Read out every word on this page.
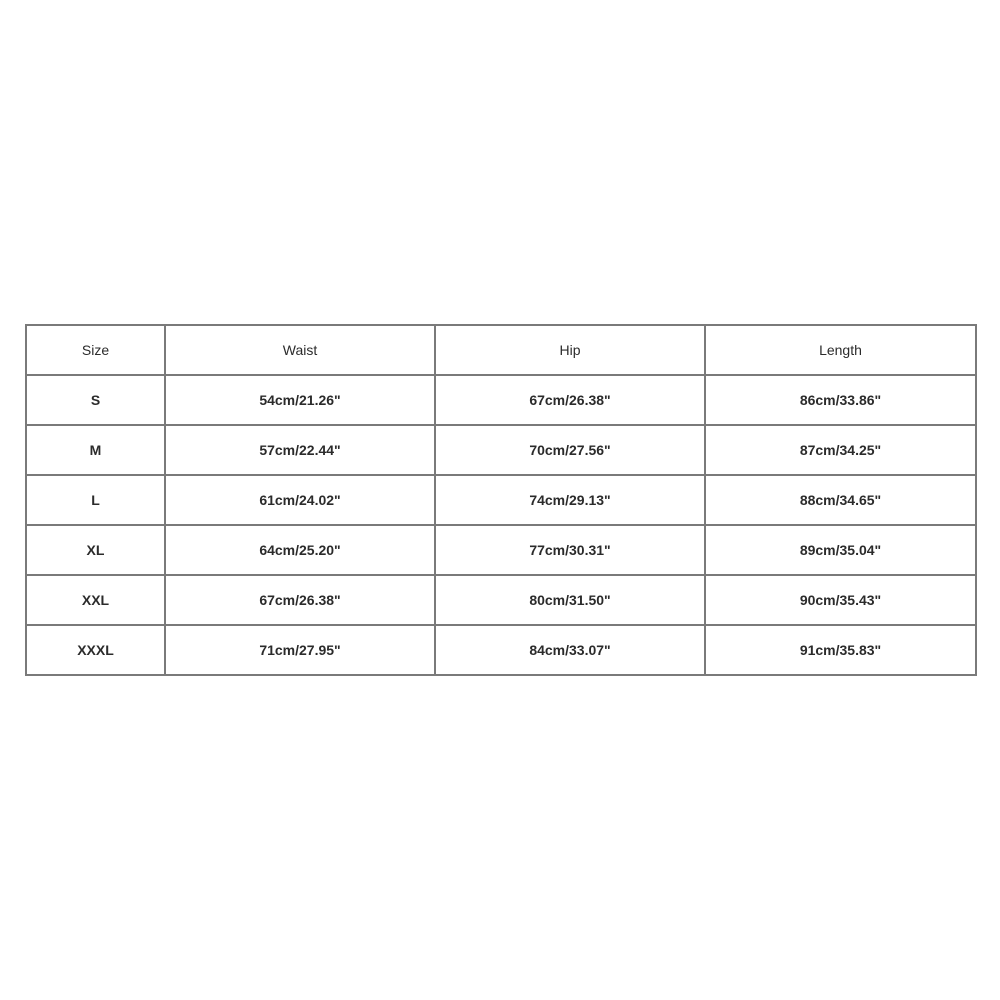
Size	Waist	Hip	Length
S	54cm/21.26"	67cm/26.38"	86cm/33.86"
M	57cm/22.44"	70cm/27.56"	87cm/34.25"
L	61cm/24.02"	74cm/29.13"	88cm/34.65"
XL	64cm/25.20"	77cm/30.31"	89cm/35.04"
XXL	67cm/26.38"	80cm/31.50"	90cm/35.43"
XXXL	71cm/27.95"	84cm/33.07"	91cm/35.83"
